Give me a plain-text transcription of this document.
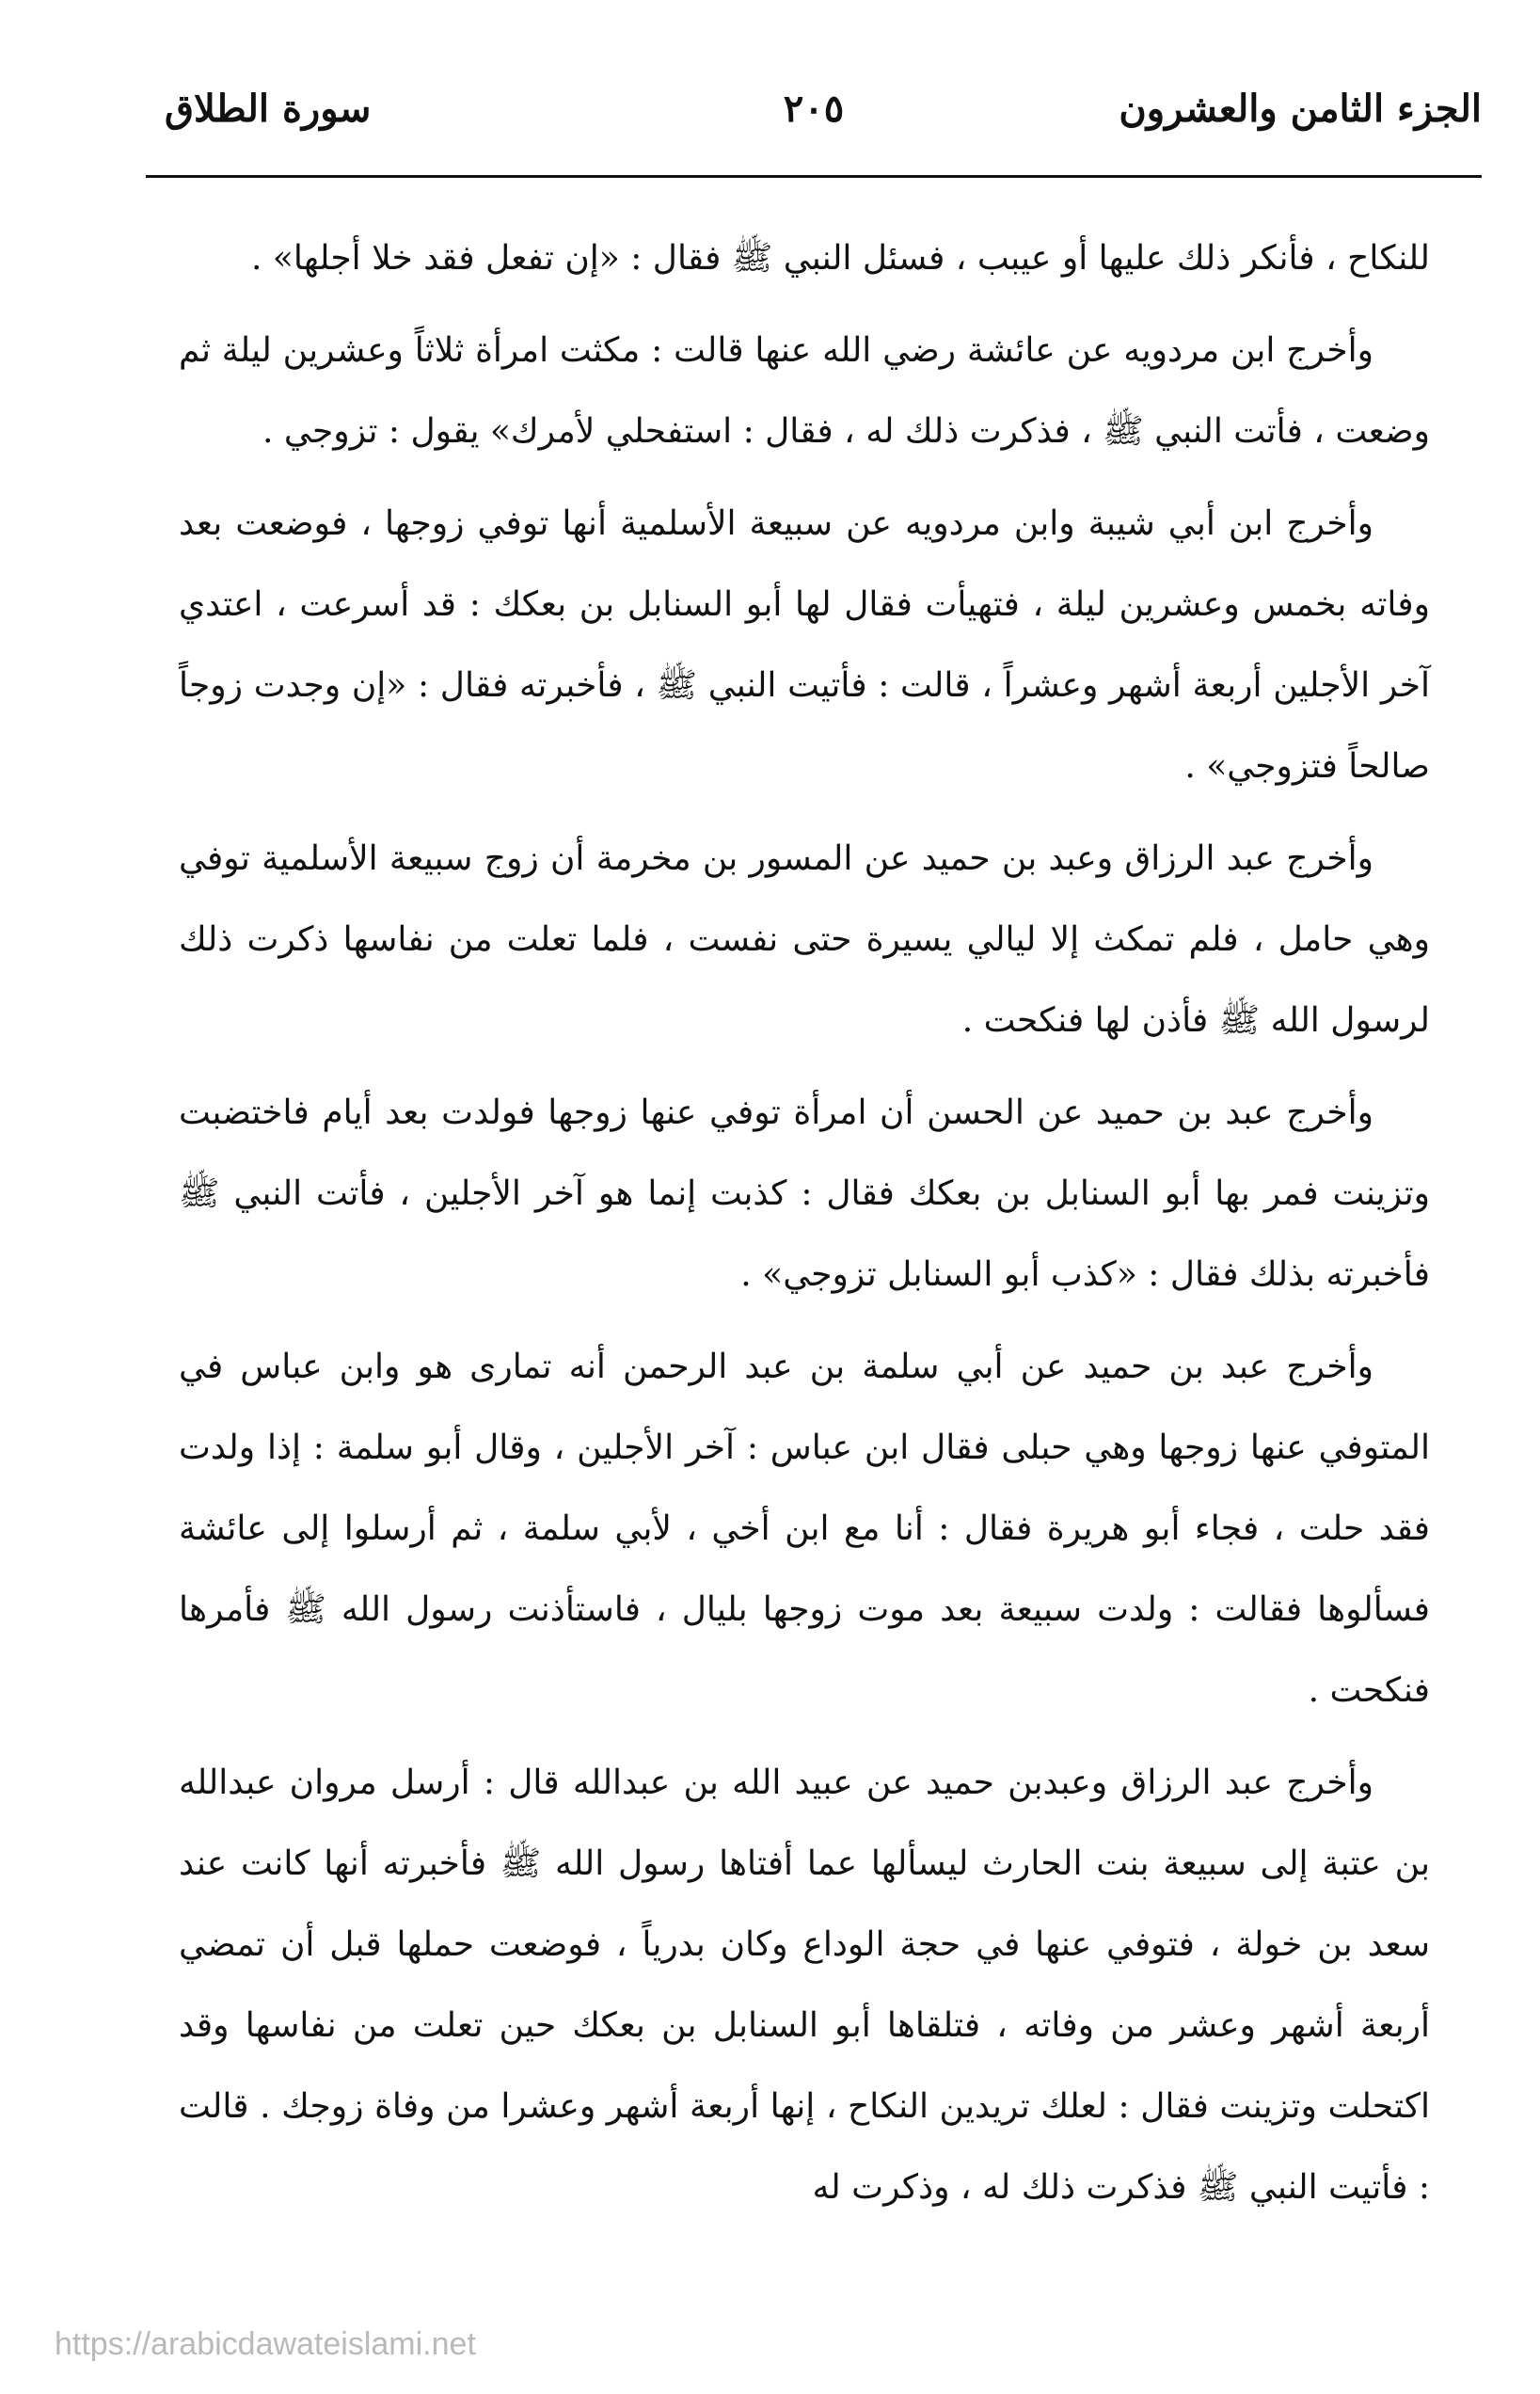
الجزء الثامن والعشرون
٢٠٥
سورة الطلاق

للنكاح ، فأنكر ذلك عليها أو عيبب ، فسئل النبي ﷺ فقال : «إن تفعل فقد خلا أجلها» .

وأخرج ابن مردويه عن عائشة رضي الله عنها قالت : مكثت امرأة ثلاثاً وعشرين ليلة ثم وضعت ، فأتت النبي ﷺ ، فذكرت ذلك له ، فقال : استفحلي لأمرك» يقول : تزوجي .

وأخرج ابن أبي شيبة وابن مردويه عن سبيعة الأسلمية أنها توفي زوجها ، فوضعت بعد وفاته بخمس وعشرين ليلة ، فتهيأت فقال لها أبو السنابل بن بعكك : قد أسرعت ، اعتدي آخر الأجلين أربعة أشهر وعشراً ، قالت : فأتيت النبي ﷺ ، فأخبرته فقال : «إن وجدت زوجاً صالحاً فتزوجي» .

وأخرج عبد الرزاق وعبد بن حميد عن المسور بن مخرمة أن زوج سبيعة الأسلمية توفي وهي حامل ، فلم تمكث إلا ليالي يسيرة حتى نفست ، فلما تعلت من نفاسها ذكرت ذلك لرسول الله ﷺ فأذن لها فنكحت .

وأخرج عبد بن حميد عن الحسن أن امرأة توفي عنها زوجها فولدت بعد أيام فاختضبت وتزينت فمر بها أبو السنابل بن بعكك فقال : كذبت إنما هو آخر الأجلين ، فأتت النبي ﷺ فأخبرته بذلك فقال : «كذب أبو السنابل تزوجي» .

وأخرج عبد بن حميد عن أبي سلمة بن عبد الرحمن أنه تمارى هو وابن عباس في المتوفي عنها زوجها وهي حبلى فقال ابن عباس : آخر الأجلين ، وقال أبو سلمة : إذا ولدت فقد حلت ، فجاء أبو هريرة فقال : أنا مع ابن أخي ، لأبي سلمة ، ثم أرسلوا إلى عائشة فسألوها فقالت : ولدت سبيعة بعد موت زوجها بليال ، فاستأذنت رسول الله ﷺ فأمرها فنكحت .

وأخرج عبد الرزاق وعبدبن حميد عن عبيد الله بن عبدالله قال : أرسل مروان عبدالله بن عتبة إلى سبيعة بنت الحارث ليسألها عما أفتاها رسول الله ﷺ فأخبرته أنها كانت عند سعد بن خولة ، فتوفي عنها في حجة الوداع وكان بدرياً ، فوضعت حملها قبل أن تمضي أربعة أشهر وعشر من وفاته ، فتلقاها أبو السنابل بن بعكك حين تعلت من نفاسها وقد اكتحلت وتزينت فقال : لعلك تريدين النكاح ، إنها أربعة أشهر وعشرا من وفاة زوجك . قالت : فأتيت النبي ﷺ فذكرت ذلك له ، وذكرت له

https://arabicdawateislami.net
